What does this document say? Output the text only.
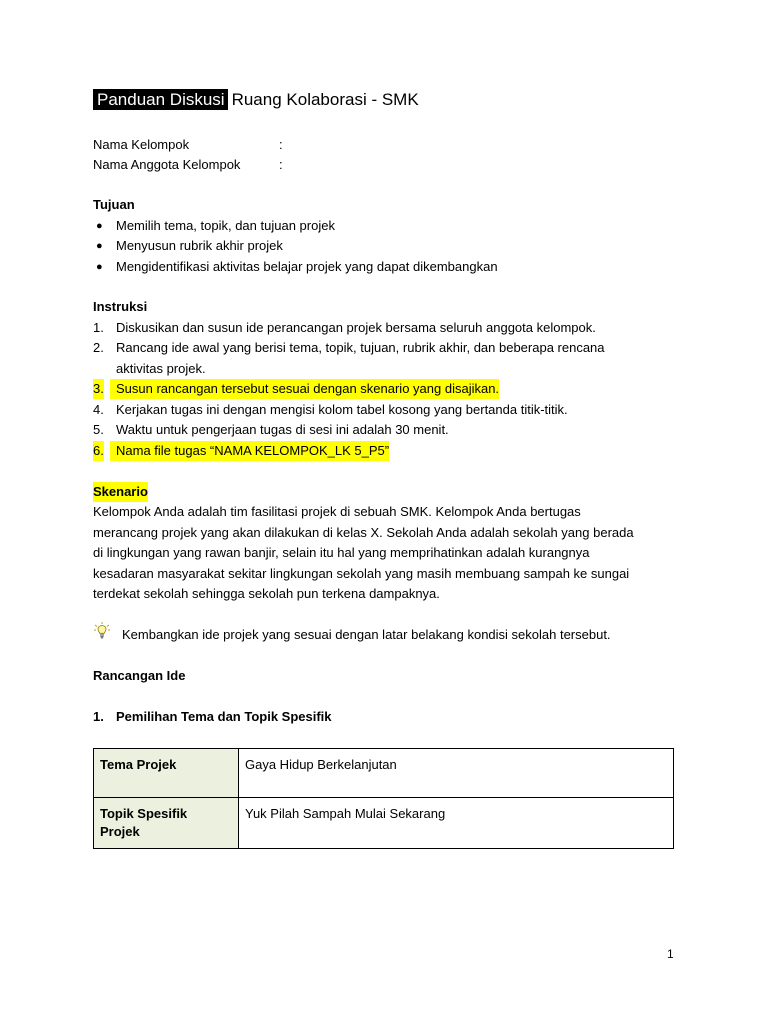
Panduan Diskusi Ruang Kolaborasi - SMK
Nama Kelompok	:
Nama Anggota Kelompok	:
Tujuan
● Memilih tema, topik, dan tujuan projek
● Menyusun rubrik akhir projek
● Mengidentifikasi aktivitas belajar projek yang dapat dikembangkan
Instruksi
1. Diskusikan dan susun ide perancangan projek bersama seluruh anggota kelompok.
2. Rancang ide awal yang berisi tema, topik, tujuan, rubrik akhir, dan beberapa rencana
aktivitas projek.
3. Susun rancangan tersebut sesuai dengan skenario yang disajikan.
4. Kerjakan tugas ini dengan mengisi kolom tabel kosong yang bertanda titik-titik.
5. Waktu untuk pengerjaan tugas di sesi ini adalah 30 menit.
6. Nama file tugas “NAMA KELOMPOK_LK 5_P5”
Skenario
Kelompok Anda adalah tim fasilitasi projek di sebuah SMK. Kelompok Anda bertugas
merancang projek yang akan dilakukan di kelas X. Sekolah Anda adalah sekolah yang berada
di lingkungan yang rawan banjir, selain itu hal yang memprihatinkan adalah kurangnya
kesadaran masyarakat sekitar lingkungan sekolah yang masih membuang sampah ke sungai
terdekat sekolah sehingga sekolah pun terkena dampaknya.
Kembangkan ide projek yang sesuai dengan latar belakang kondisi sekolah tersebut.
Rancangan Ide
1. Pemilihan Tema dan Topik Spesifik
Tema Projek	Gaya Hidup Berkelanjutan
Topik Spesifik
Projek	Yuk Pilah Sampah Mulai Sekarang
1
